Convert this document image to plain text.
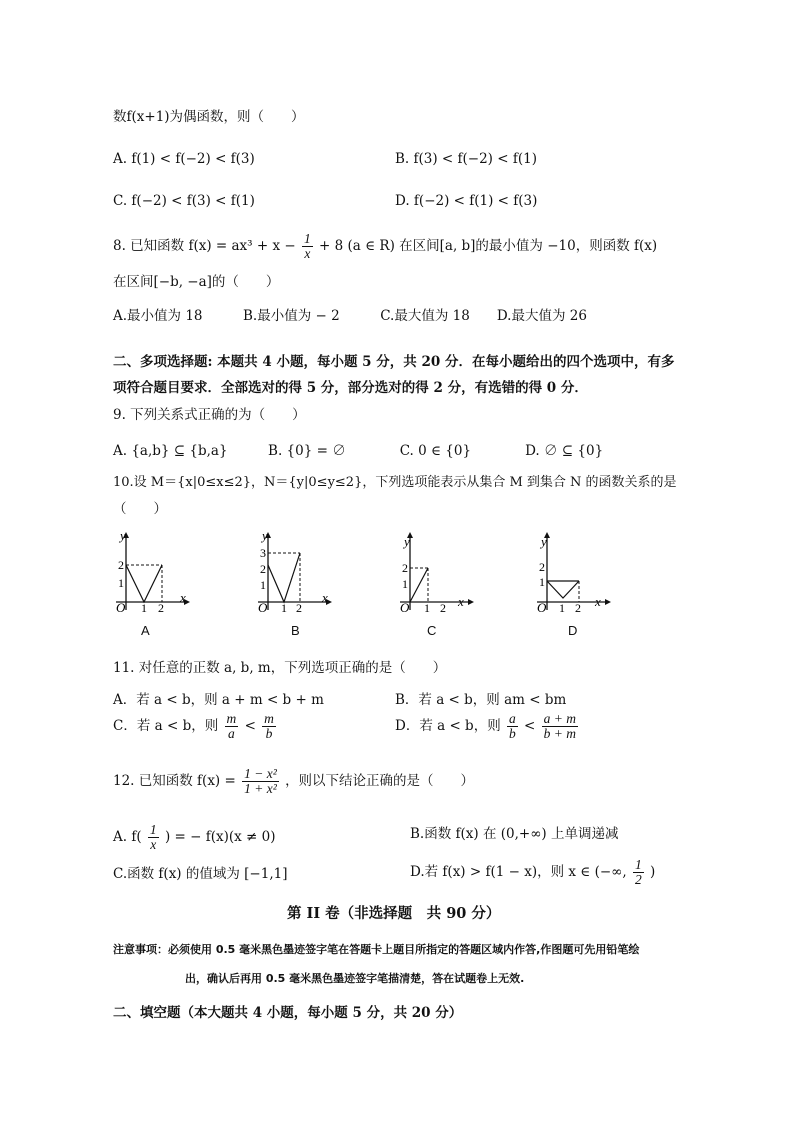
数f(x+1)为偶函数，则（　　）
A. f(1) < f(−2) < f(3)	B. f(3) < f(−2) < f(1)
C. f(−2) < f(3) < f(1)	D. f(−2) < f(1) < f(3)
8. 已知函数 $f(x) = ax^3 + x - \frac{1}{x} + 8$ (a ∈ R) 在区间[a, b]的最小值为 −10，则函数 f(x)
在区间[−b, −a]的（　　）
A.最小值为 18　　　B.最小值为 − 2　　　C.最大值为 18　　D.最大值为 26
二、多项选择题: 本题共 4 小题，每小题 5 分，共 20 分．在每小题给出的四个选项中，有多
项符合题目要求．全部选对的得 5 分，部分选对的得 2 分，有选错的得 0 分．
9. 下列关系式正确的为（　　）
A. {a,b} ⊆ {b,a}　　　B. {0} = ∅　　　　C. 0 ∈ {0}　　　　D. ∅ ⊆ {0}
10.设 M＝{x|0≤x≤2}，N＝{y|0≤y≤2}，下列选项能表示从集合 M 到集合 N 的函数关系的是
（　　）
y
x
O 1 2
2
1
A
y
x
O 1 2
3
2
1
B
y
x
O 1 2
2
1
C
y
x
O 1 2
2
1
D
11. 对任意的正数 a, b, m，下列选项正确的是（　　）
A．若 a < b，则 a + m < b + m	B．若 a < b，则 am < bm
C．若 a < b，则 $\frac{m}{a} < \frac{m}{b}$	D．若 a < b，则 $\frac{a}{b} < \frac{a + m}{b + m}$
12. 已知函数 $f(x) = \frac{\text{1 − x²}}{\text{1 + x²}}$ ，则以下结论正确的是（　　）
A. $f( \frac{1}{x}$ ) = − f(x)(x ≠ 0)	B.函数 f(x) 在 (0,+∞) 上单调递减
C.函数 f(x) 的值域为 [−1,1]	D.若 f(x) > f(1 − x)，则 x ∈ (−∞, $\frac{1}{2}$ )
第 II 卷（非选择题　共 90 分）
注意事项：必须使用 0.5 毫米黑色墨迹签字笔在答题卡上题目所指定的答题区域内作答,作图题可先用铅笔绘
出，确认后再用 0.5 毫米黑色墨迹签字笔描清楚，答在试题卷上无效.
二、填空题（本大题共 4 小题，每小题 5 分，共 20 分）
